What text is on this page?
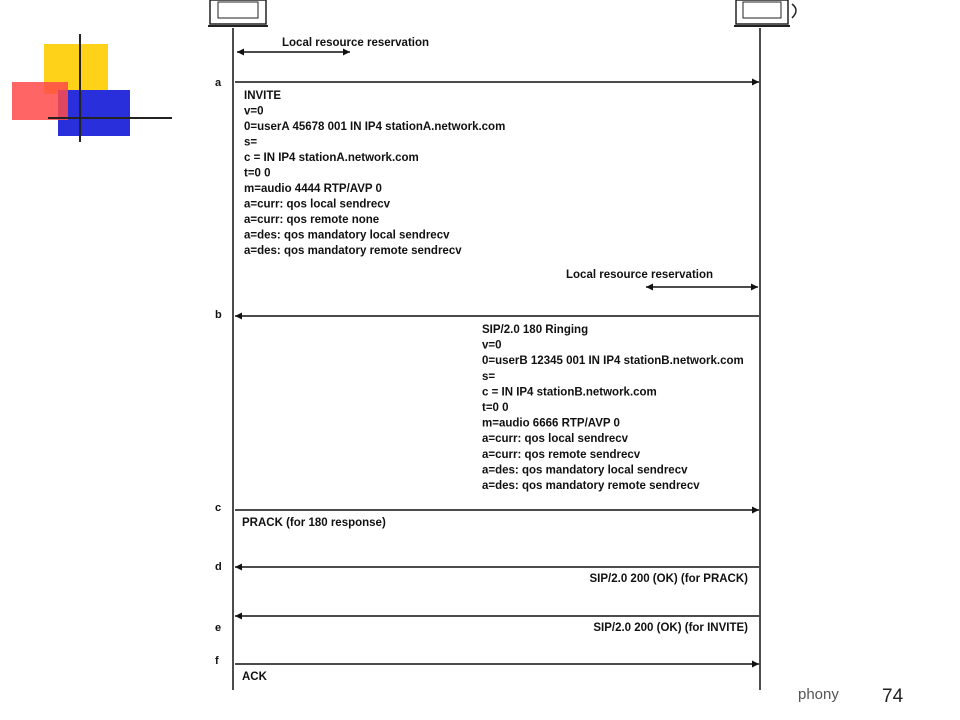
Local resource reservation
a
INVITE
v=0
0=userA 45678 001 IN IP4 stationA.network.com
s=
c = IN IP4 stationA.network.com
t=0 0
m=audio 4444 RTP/AVP 0
a=curr: qos local sendrecv
a=curr: qos remote none
a=des: qos mandatory local sendrecv
a=des: qos mandatory remote sendrecv
Local resource reservation
b
SIP/2.0 180 Ringing
v=0
0=userB 12345 001 IN IP4 stationB.network.com
s=
c = IN IP4 stationB.network.com
t=0 0
m=audio 6666 RTP/AVP 0
a=curr: qos local sendrecv
a=curr: qos remote sendrecv
a=des: qos mandatory local sendrecv
a=des: qos mandatory remote sendrecv
c
PRACK (for 180 response)
d
SIP/2.0 200 (OK) (for PRACK)
e	SIP/2.0 200 (OK) (for INVITE)
f
ACK
phony 74
